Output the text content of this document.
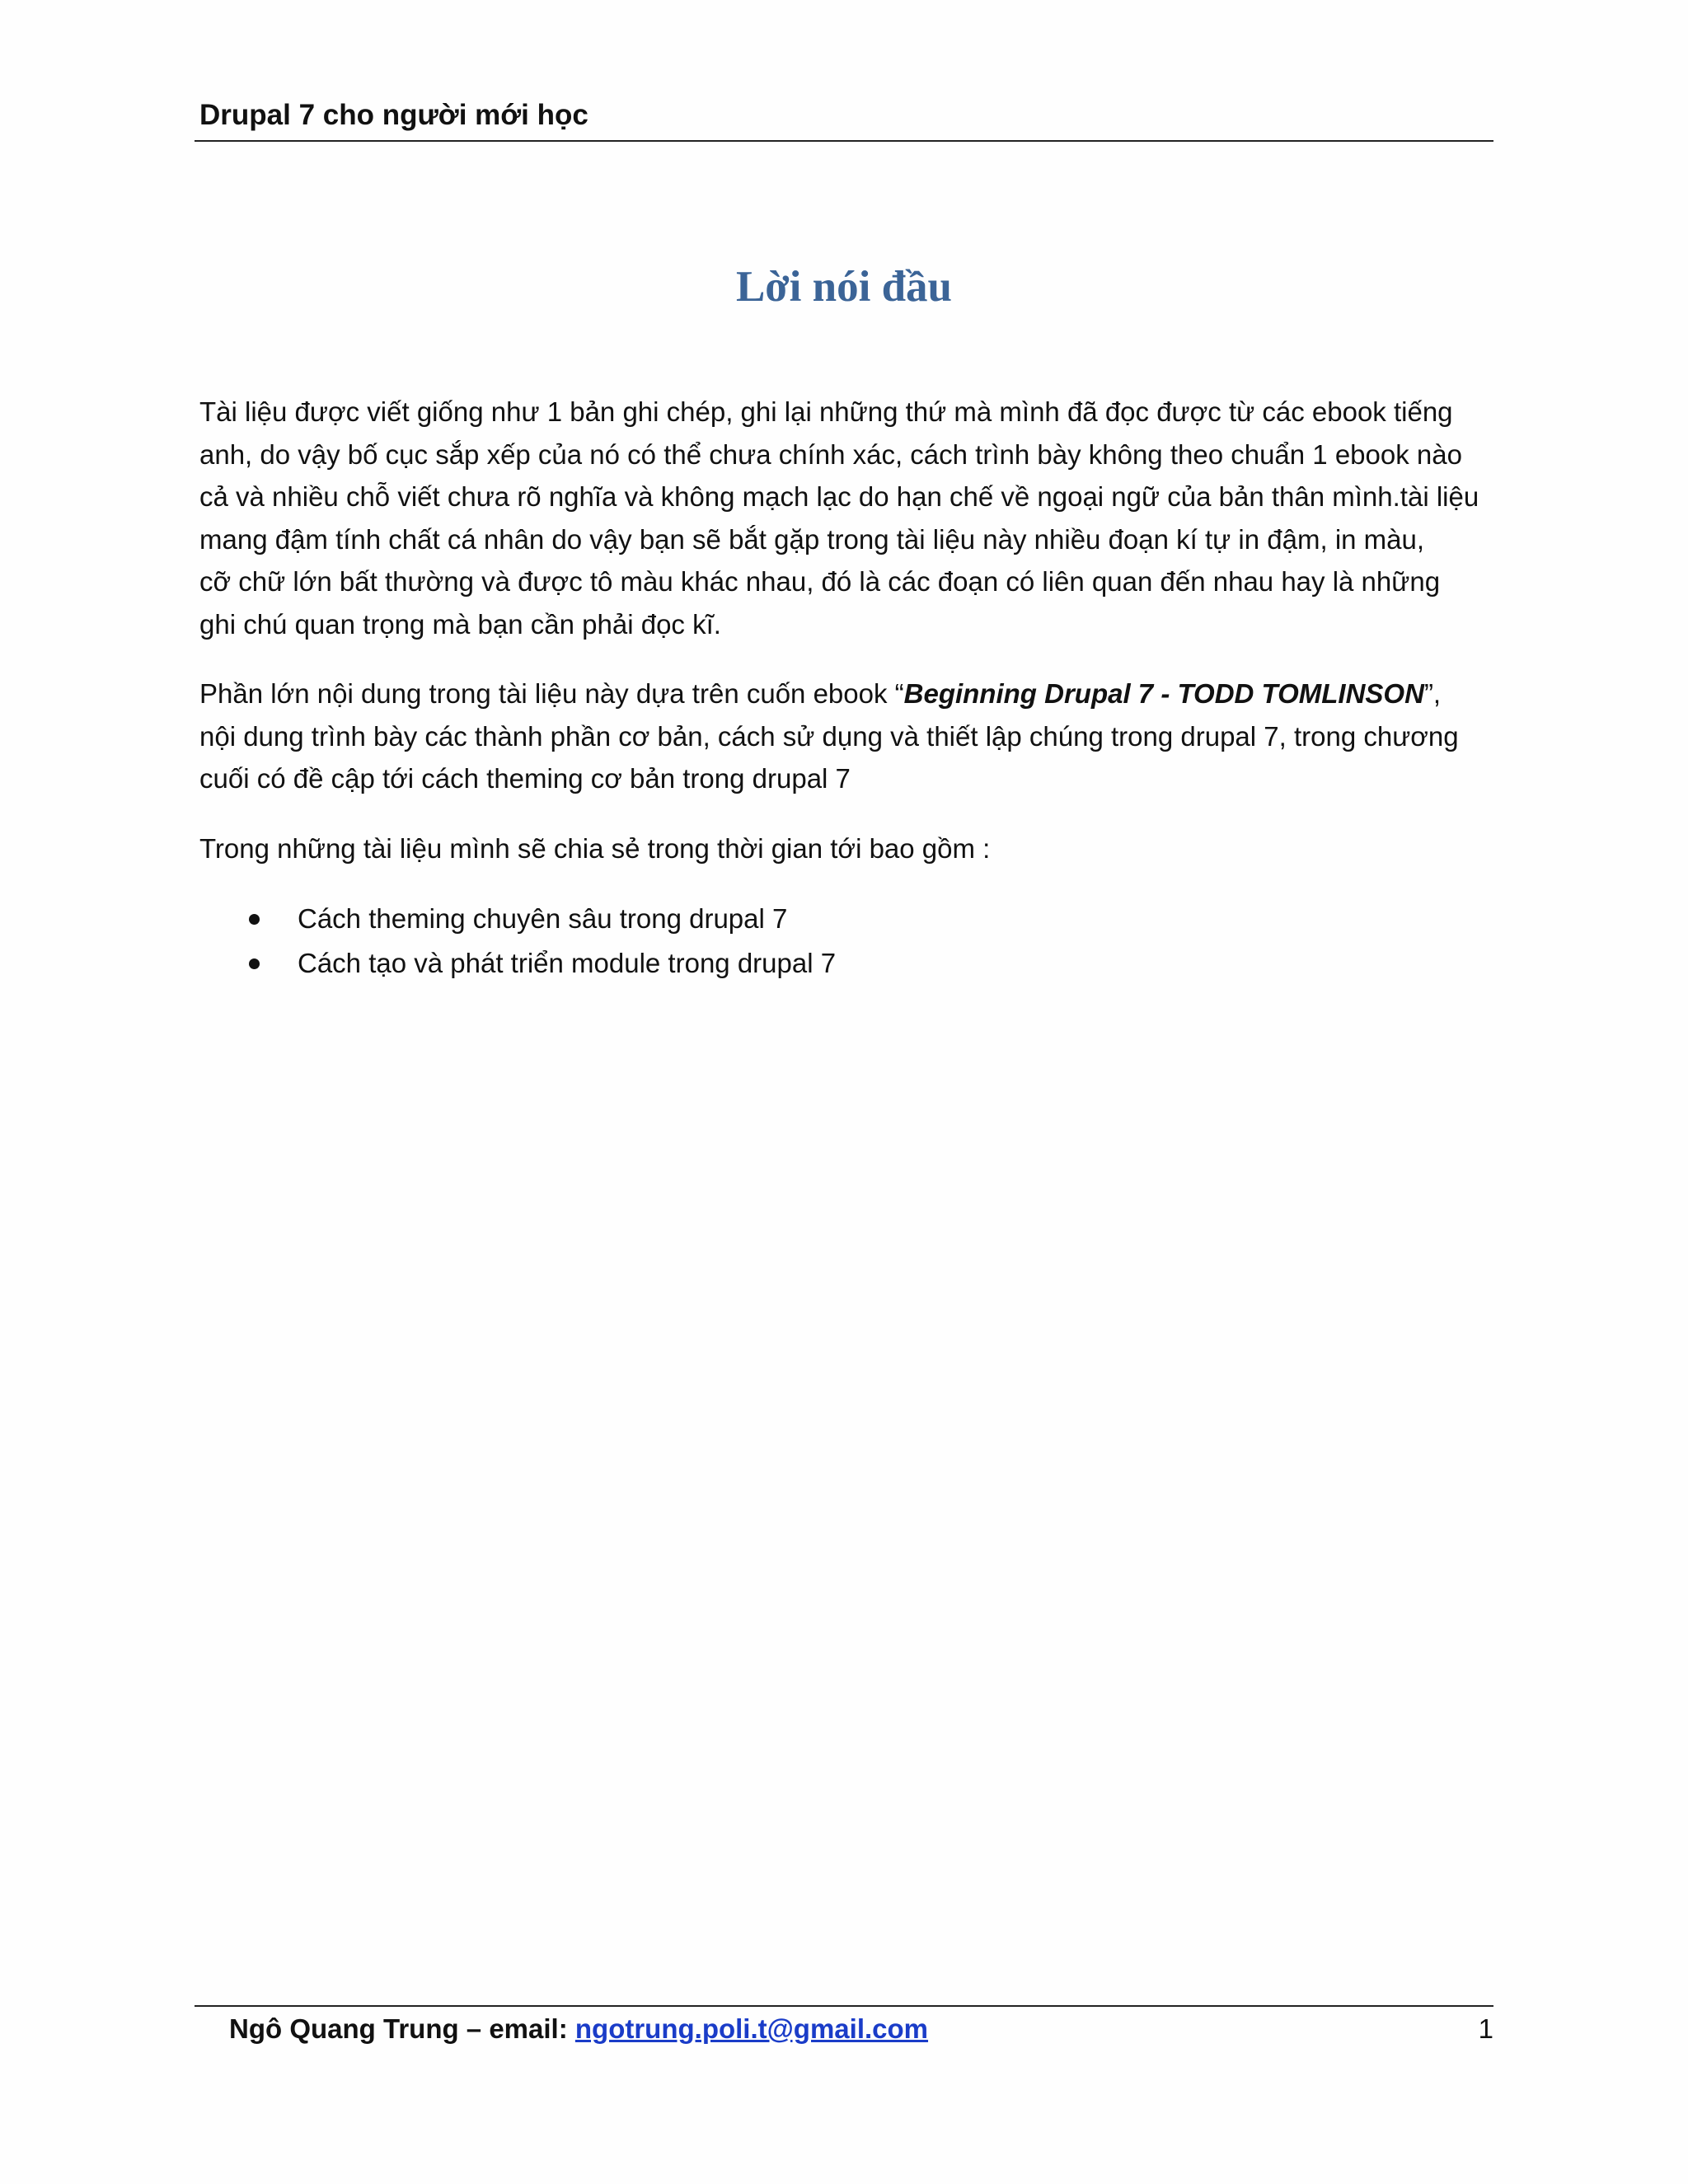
Drupal 7 cho người mới học
Lời nói đầu

Tài liệu được viết giống như 1 bản ghi chép, ghi lại những thứ mà mình đã đọc được từ các ebook tiếng
anh, do vậy bố cục sắp xếp của nó có thể chưa chính xác, cách trình bày không theo chuẩn 1 ebook nào
cả và nhiều chỗ viết chưa rõ nghĩa và không mạch lạc do hạn chế về ngoại ngữ của bản thân mình.tài liệu
mang đậm tính chất cá nhân do vậy bạn sẽ bắt gặp trong tài liệu này nhiều đoạn kí tự in đậm, in màu,
cỡ chữ lớn bất thường và được tô màu khác nhau, đó là các đoạn có liên quan đến nhau hay là những
ghi chú quan trọng mà bạn cần phải đọc kĩ.

Phần lớn nội dung trong tài liệu này dựa trên cuốn ebook “Beginning Drupal 7 - TODD TOMLINSON”,
nội dung trình bày các thành phần cơ bản, cách sử dụng và thiết lập chúng trong drupal 7, trong chương
cuối có đề cập tới cách theming cơ bản trong drupal 7

Trong những tài liệu mình sẽ chia sẻ trong thời gian tới bao gồm :

Cách theming chuyên sâu trong drupal 7
Cách tạo và phát triển module trong drupal 7
Ngô Quang Trung – email: ngotrung.poli.t@gmail.com	1
